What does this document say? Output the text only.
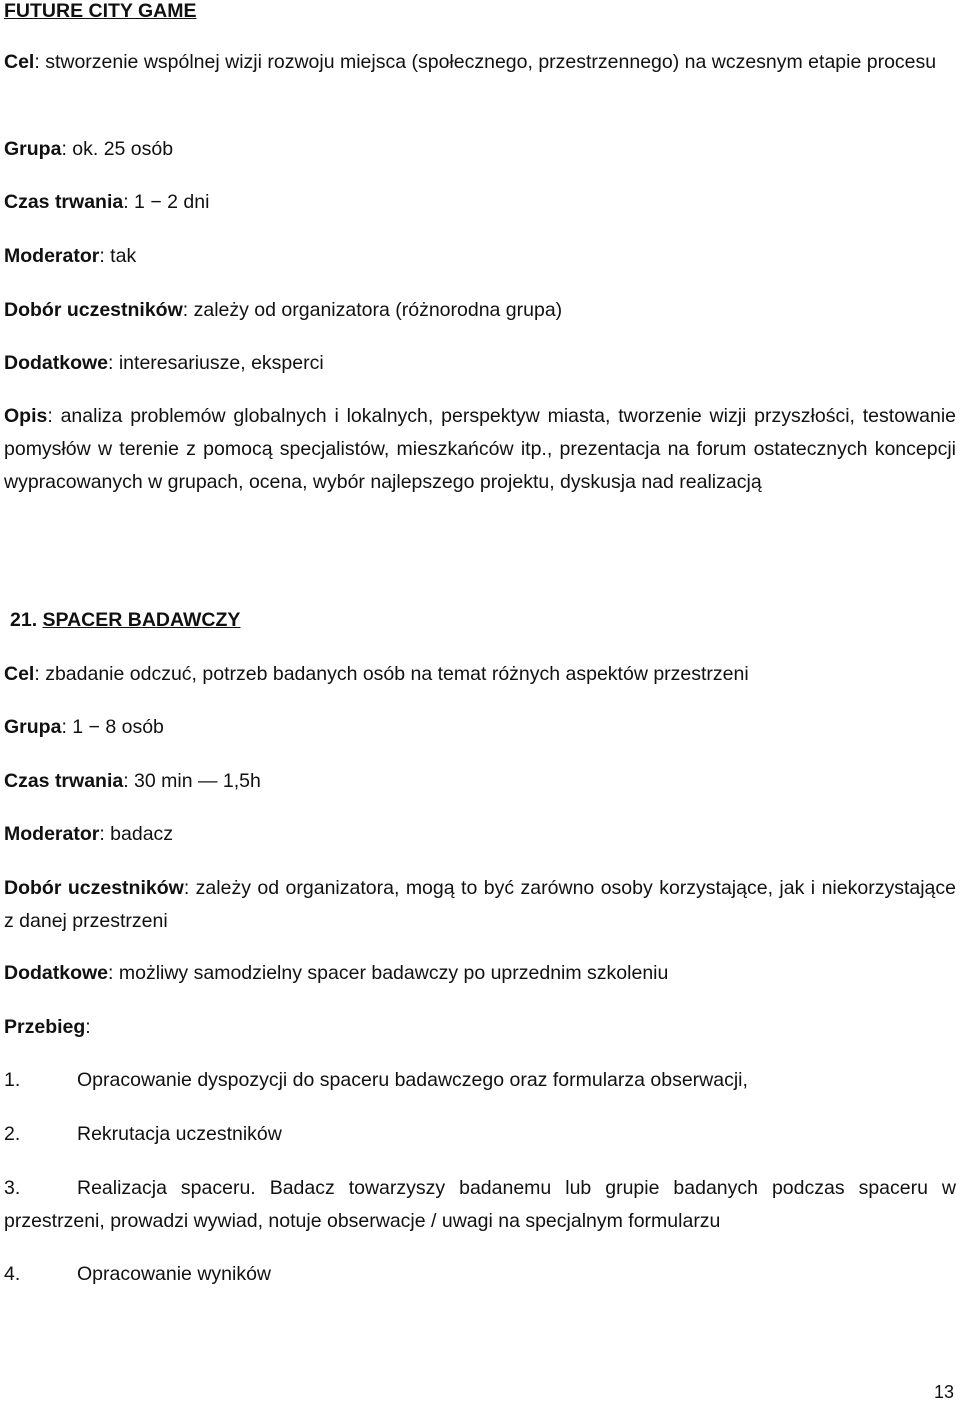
FUTURE CITY GAME
Cel: stworzenie wspólnej wizji rozwoju miejsca (społecznego, przestrzennego) na wczesnym etapie procesu
Grupa: ok. 25 osób
Czas trwania: 1 − 2 dni
Moderator: tak
Dobór uczestników: zależy od organizatora (różnorodna grupa)
Dodatkowe: interesariusze, eksperci
Opis: analiza problemów globalnych i lokalnych, perspektyw miasta, tworzenie wizji przyszłości, testowanie pomysłów w terenie z pomocą specjalistów, mieszkańców itp., prezentacja na forum ostatecznych koncepcji wypracowanych w grupach, ocena, wybór najlepszego projektu, dyskusja nad realizacją
21. SPACER BADAWCZY
Cel: zbadanie odczuć, potrzeb badanych osób na temat różnych aspektów przestrzeni
Grupa: 1 − 8 osób
Czas trwania: 30 min — 1,5h
Moderator: badacz
Dobór uczestników: zależy od organizatora, mogą to być zarówno osoby korzystające, jak i niekorzystające z danej przestrzeni
Dodatkowe: możliwy samodzielny spacer badawczy po uprzednim szkoleniu
Przebieg:
1.	Opracowanie dyspozycji do spaceru badawczego oraz formularza obserwacji,
2.	Rekrutacja uczestników
3.	Realizacja spaceru. Badacz towarzyszy badanemu lub grupie badanych podczas spaceru w przestrzeni, prowadzi wywiad, notuje obserwacje / uwagi na specjalnym formularzu
4.	Opracowanie wyników
13
